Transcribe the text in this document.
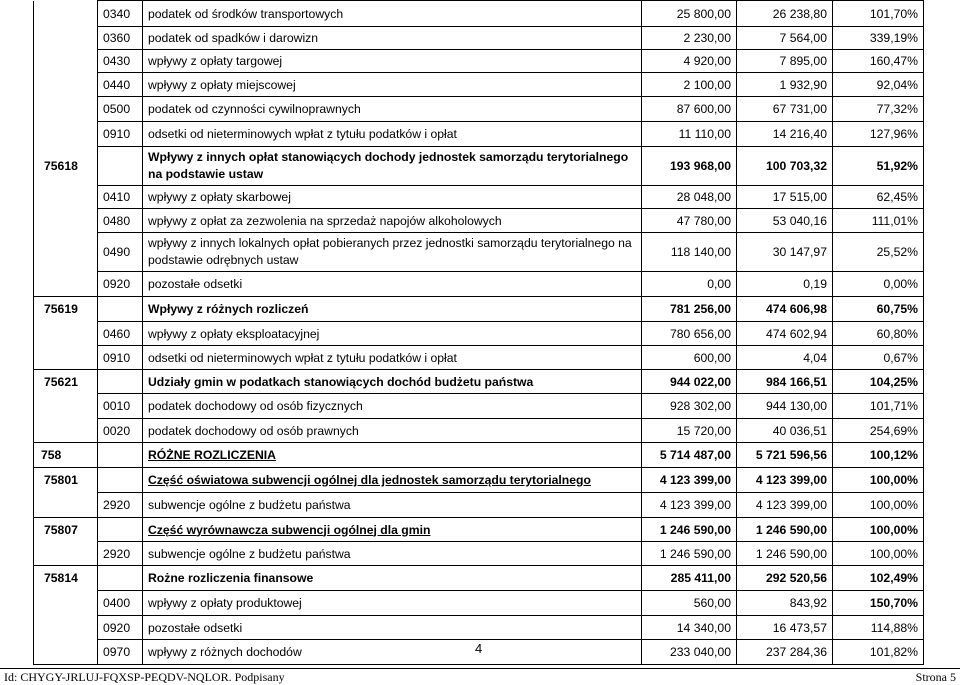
	0340	podatek od środków transportowych	25 800,00	26 238,80	101,70%
	0360	podatek od spadków i darowizn	2 230,00	7 564,00	339,19%
	0430	wpływy z opłaty targowej	4 920,00	7 895,00	160,47%
	0440	wpływy z opłaty miejscowej	2 100,00	1 932,90	92,04%
	0500	podatek od czynności cywilnoprawnych	87 600,00	67 731,00	77,32%
	0910	odsetki od nieterminowych wpłat z tytułu podatków i opłat	11 110,00	14 216,40	127,96%
75618		Wpływy z innych opłat stanowiących dochody jednostek samorządu terytorialnego na podstawie ustaw	193 968,00	100 703,32	51,92%
	0410	wpływy z opłaty skarbowej	28 048,00	17 515,00	62,45%
	0480	wpływy z opłat za zezwolenia na sprzedaż napojów alkoholowych	47 780,00	53 040,16	111,01%
	0490	wpływy z innych lokalnych opłat pobieranych przez jednostki samorządu terytorialnego na podstawie odrębnych ustaw	118 140,00	30 147,97	25,52%
	0920	pozostałe odsetki	0,00	0,19	0,00%
75619		Wpływy z różnych rozliczeń	781 256,00	474 606,98	60,75%
	0460	wpływy z opłaty eksploatacyjnej	780 656,00	474 602,94	60,80%
	0910	odsetki od nieterminowych wpłat z tytułu podatków i opłat	600,00	4,04	0,67%
75621		Udziały gmin w podatkach stanowiących dochód budżetu państwa	944 022,00	984 166,51	104,25%
	0010	podatek dochodowy od osób fizycznych	928 302,00	944 130,00	101,71%
	0020	podatek dochodowy od osób prawnych	15 720,00	40 036,51	254,69%
758		RÓŻNE ROZLICZENIA	5 714 487,00	5 721 596,56	100,12%
75801		Część oświatowa subwencji ogólnej dla jednostek samorządu terytorialnego	4 123 399,00	4 123 399,00	100,00%
	2920	subwencje ogólne z budżetu państwa	4 123 399,00	4 123 399,00	100,00%
75807		Część wyrównawcza subwencji ogólnej dla gmin	1 246 590,00	1 246 590,00	100,00%
	2920	subwencje ogólne z budżetu państwa	1 246 590,00	1 246 590,00	100,00%
75814		Rożne rozliczenia finansowe	285 411,00	292 520,56	102,49%
	0400	wpływy z opłaty produktowej	560,00	843,92	150,70%
	0920	pozostałe odsetki	14 340,00	16 473,57	114,88%
	0970	wpływy z różnych dochodów	233 040,00	237 284,36	101,82%
4
Id: CHYGY-JRLUJ-FQXSP-PEQDV-NQLOR. Podpisany	Strona 5
